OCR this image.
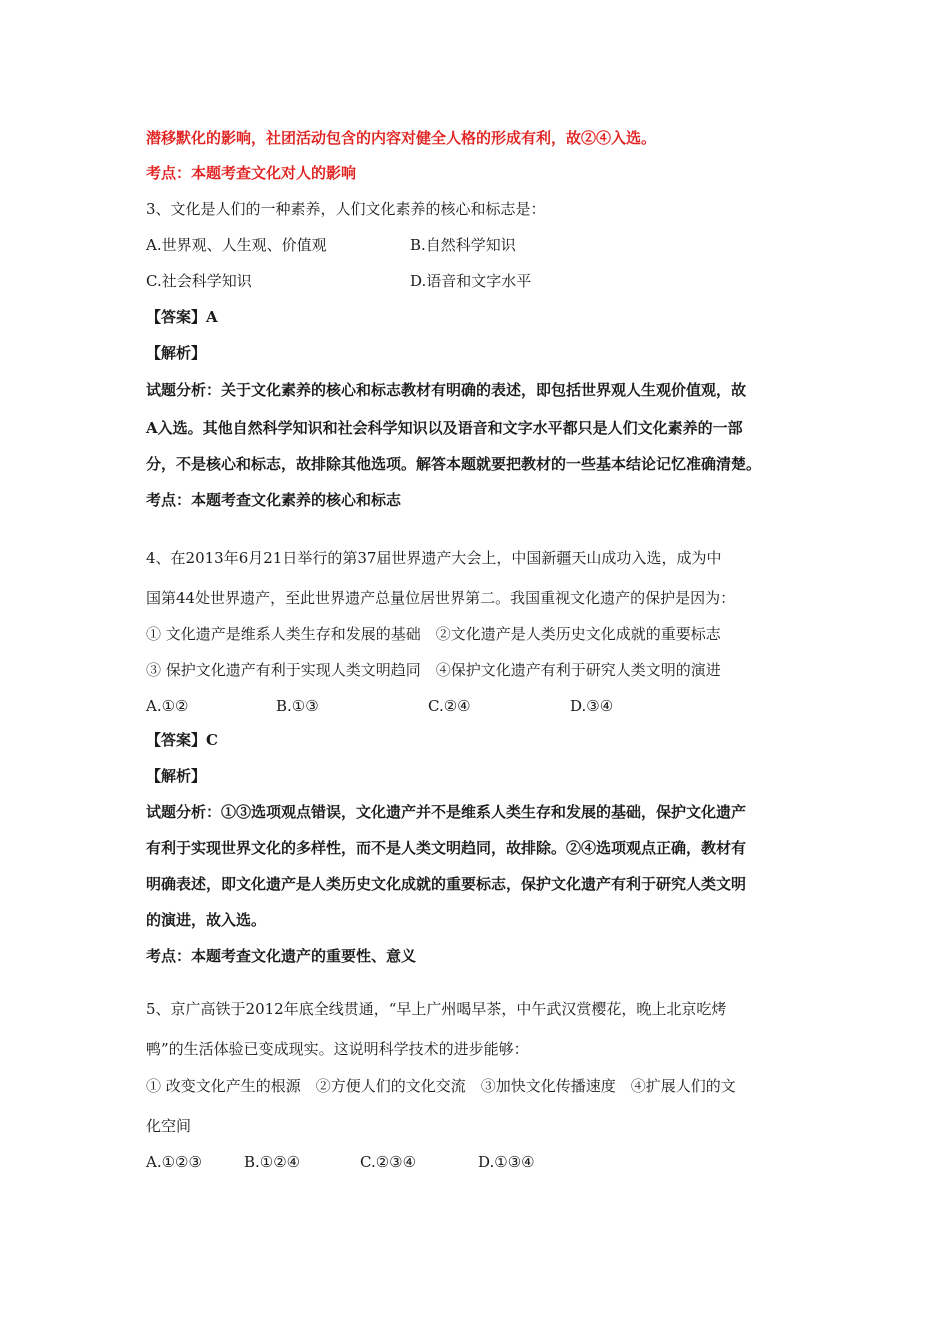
潜移默化的影响，社团活动包含的内容对健全人格的形成有利，故②④入选。
考点：本题考查文化对人的影响
3、文化是人们的一种素养，人们文化素养的核心和标志是：
A.世界观、人生观、价值观	B.自然科学知识
C.社会科学知识	D.语音和文字水平
【答案】A
【解析】
试题分析：关于文化素养的核心和标志教材有明确的表述，即包括世界观人生观价值观，故
A入选。其他自然科学知识和社会科学知识以及语音和文字水平都只是人们文化素养的一部
分，不是核心和标志，故排除其他选项。解答本题就要把教材的一些基本结论记忆准确清楚。
考点：本题考查文化素养的核心和标志
4、在2013年6月21日举行的第37届世界遗产大会上，中国新疆天山成功入选，成为中
国第44处世界遗产，至此世界遗产总量位居世界第二。我国重视文化遗产的保护是因为：
① 文化遗产是维系人类生存和发展的基础　②文化遗产是人类历史文化成就的重要标志
③ 保护文化遗产有利于实现人类文明趋同　④保护文化遗产有利于研究人类文明的演进
A.①②	B.①③	C.②④	D.③④
【答案】C
【解析】
试题分析：①③选项观点错误，文化遗产并不是维系人类生存和发展的基础，保护文化遗产
有利于实现世界文化的多样性，而不是人类文明趋同，故排除。②④选项观点正确，教材有
明确表述，即文化遗产是人类历史文化成就的重要标志，保护文化遗产有利于研究人类文明
的演进，故入选。
考点：本题考查文化遗产的重要性、意义
5、京广高铁于2012年底全线贯通，“早上广州喝早茶，中午武汉赏樱花，晚上北京吃烤
鸭”的生活体验已变成现实。这说明科学技术的进步能够：
① 改变文化产生的根源　②方便人们的文化交流　③加快文化传播速度　④扩展人们的文
化空间
A.①②③	B.①②④	C.②③④	D.①③④
